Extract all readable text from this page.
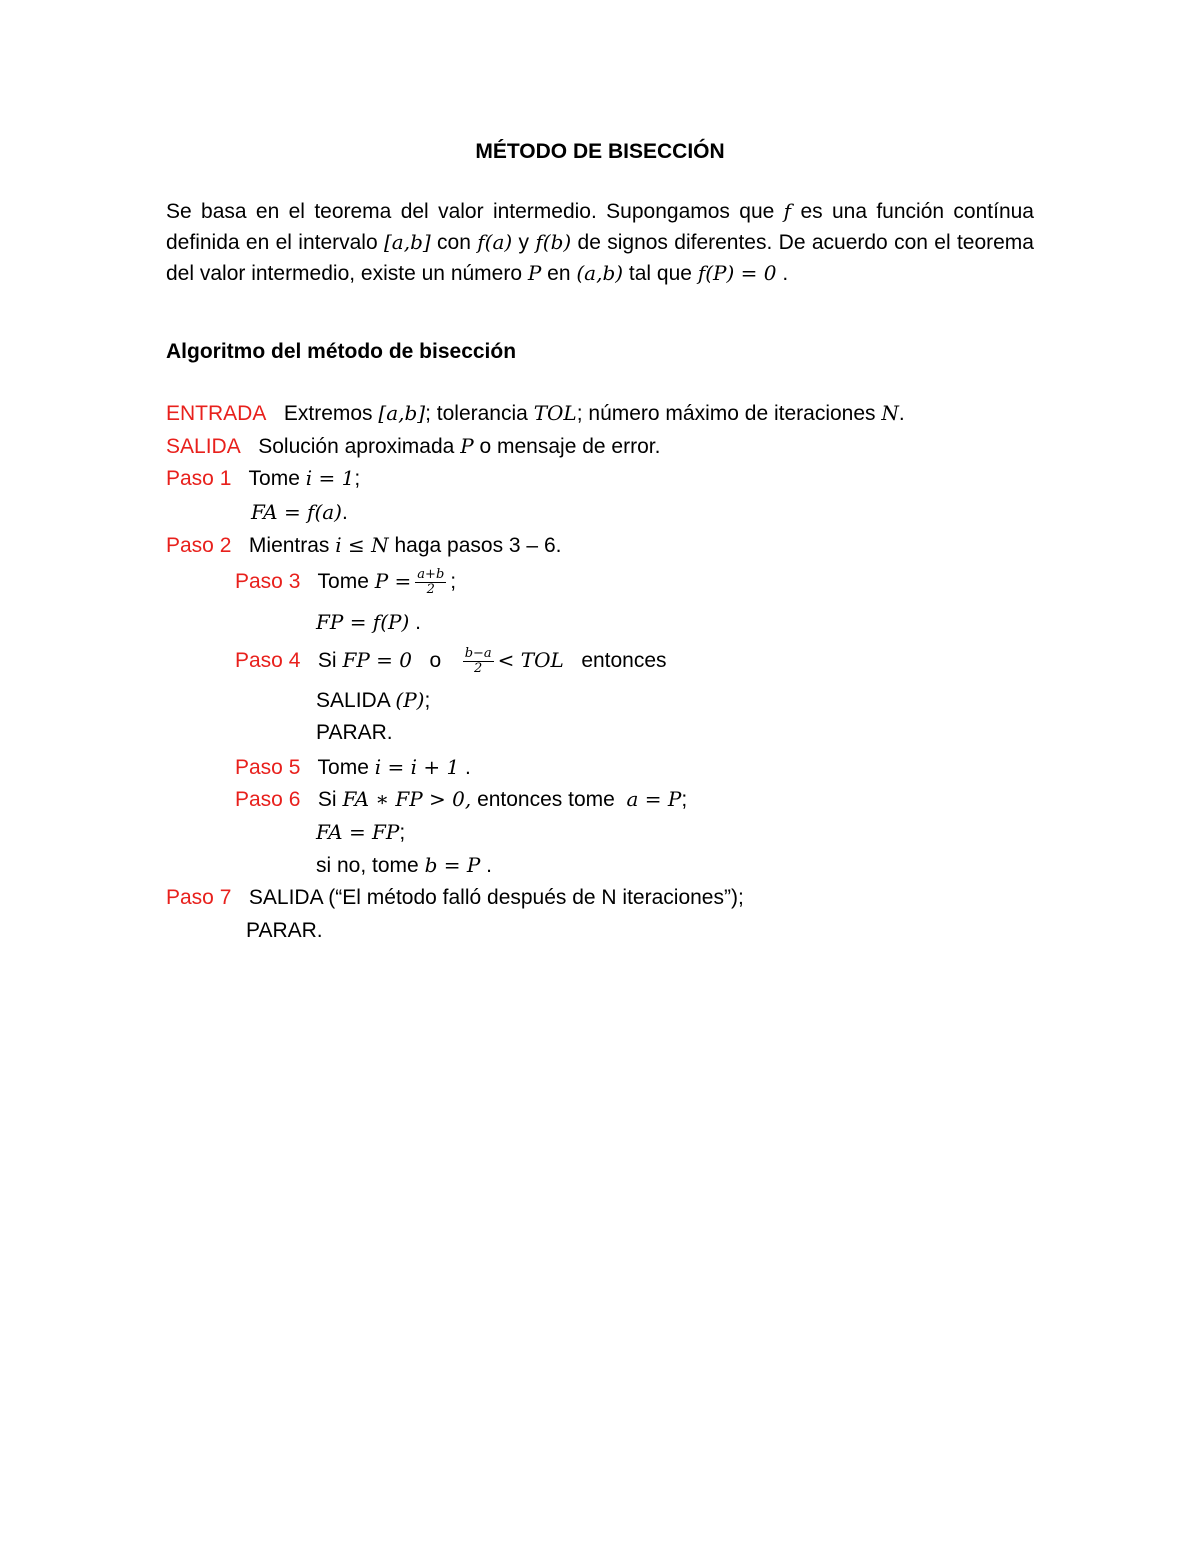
MÉTODO DE BISECCIÓN
Se basa en el teorema del valor intermedio. Supongamos que f es una función contínua definida en el intervalo [a,b] con f(a) y f(b) de signos diferentes. De acuerdo con el teorema del valor intermedio, existe un número P en (a,b) tal que f(P) = 0 .
Algoritmo del método de bisección
ENTRADA Extremos [a,b]; tolerancia TOL; número máximo de iteraciones N.
SALIDA Solución aproximada P o mensaje de error.
Paso 1 Tome i = 1;
FA = f(a).
Paso 2 Mientras i ≤ N haga pasos 3 – 6.
Paso 3 Tome $P = \frac{a+b}{2}$ ;
FP = f(P) .
Paso 4 Si FP = 0 o $\frac{b-a}{2}$ < TOL entonces
SALIDA (P);
PARAR.
Paso 5 Tome i = i + 1 .
Paso 6 Si FA ∗ FP > 0, entonces tome a = P;
FA = FP;
si no, tome b = P .
Paso 7 SALIDA (“El método falló después de N iteraciones”);
PARAR.
